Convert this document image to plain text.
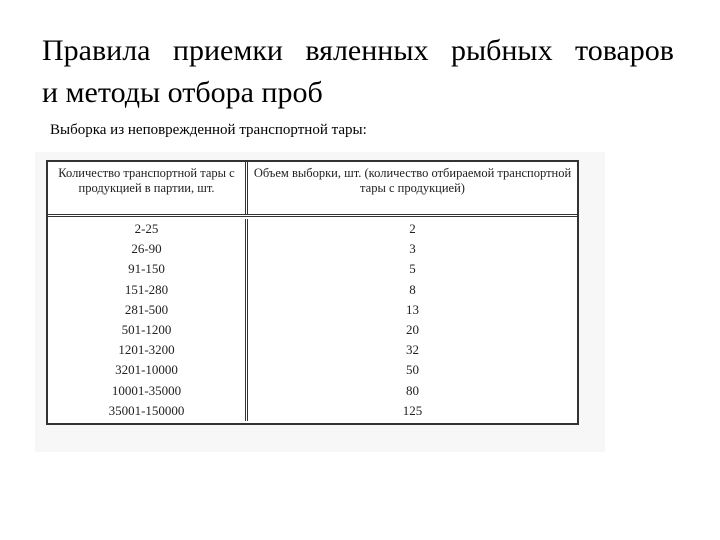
Правила приемки вяленных рыбных товаров
и методы отбора проб

Выборка из неповрежденной транспортной тары:

Количество транспортной тары с продукцией в партии, шт.
Объем выборки, шт. (количество отбираемой транспортной тары с продукцией)
2-25
26-90
91-150
151-280
281-500
501-1200
1201-3200
3201-10000
10001-35000
35001-150000
2
3
5
8
13
20
32
50
80
125
